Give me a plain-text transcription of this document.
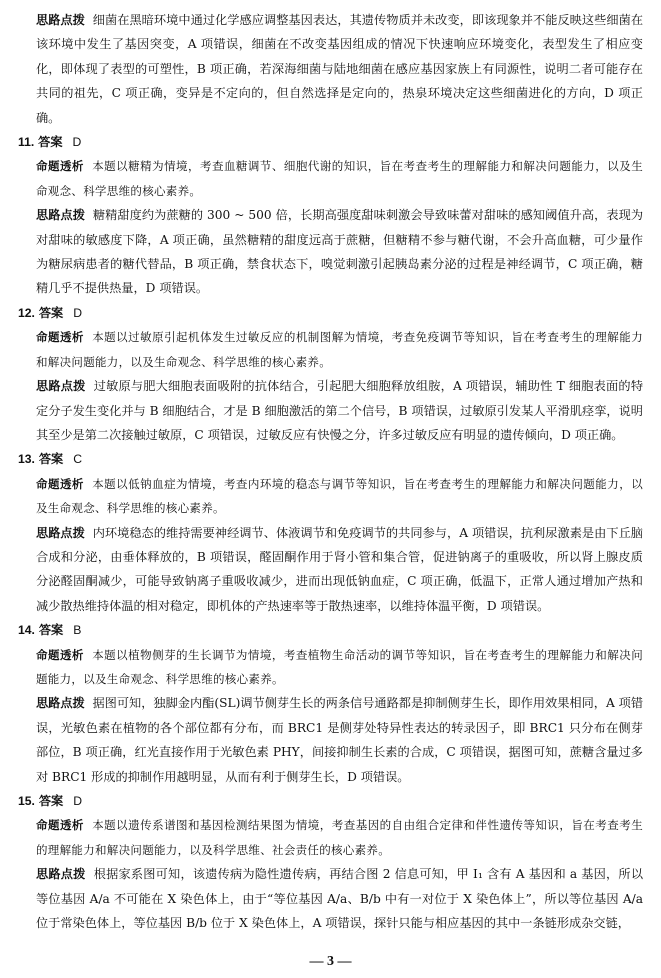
思路点拨 细菌在黑暗环境中通过化学感应调整基因表达，其遗传物质并未改变，即该现象并不能反映这些细菌在该环境中发生了基因突变，A 项错误，细菌在不改变基因组成的情况下快速响应环境变化，表型发生了相应变化，即体现了表型的可塑性，B 项正确，若深海细菌与陆地细菌在感应基因家族上有同源性，说明二者可能存在共同的祖先，C 项正确，变异是不定向的，但自然选择是定向的，热泉环境决定这些细菌进化的方向，D 项正确。

11. 答案 D

命题透析 本题以糖精为情境，考查血糖调节、细胞代谢的知识，旨在考查考生的理解能力和解决问题能力，以及生命观念、科学思维的核心素养。

思路点拨 糖精甜度约为蔗糖的 300 ~ 500 倍，长期高强度甜味刺激会导致味蕾对甜味的感知阈值升高，表现为对甜味的敏感度下降，A 项正确，虽然糖精的甜度远高于蔗糖，但糖精不参与糖代谢，不会升高血糖，可少量作为糖尿病患者的糖代替品，B 项正确，禁食状态下，嗅觉刺激引起胰岛素分泌的过程是神经调节，C 项正确，糖精几乎不提供热量，D 项错误。

12. 答案 D

命题透析 本题以过敏原引起机体发生过敏反应的机制图解为情境，考查免疫调节等知识，旨在考查考生的理解能力和解决问题能力，以及生命观念、科学思维的核心素养。

思路点拨 过敏原与肥大细胞表面吸附的抗体结合，引起肥大细胞释放组胺，A 项错误，辅助性 T 细胞表面的特定分子发生变化并与 B 细胞结合，才是 B 细胞激活的第二个信号，B 项错误，过敏原引发某人平滑肌痉挛，说明其至少是第二次接触过敏原，C 项错误，过敏反应有快慢之分，许多过敏反应有明显的遗传倾向，D 项正确。

13. 答案 C

命题透析 本题以低钠血症为情境，考查内环境的稳态与调节等知识，旨在考查考生的理解能力和解决问题能力，以及生命观念、科学思维的核心素养。

思路点拨 内环境稳态的维持需要神经调节、体液调节和免疫调节的共同参与，A 项错误，抗利尿激素是由下丘脑合成和分泌，由垂体释放的，B 项错误，醛固酮作用于肾小管和集合管，促进钠离子的重吸收，所以肾上腺皮质分泌醛固酮减少，可能导致钠离子重吸收减少，进而出现低钠血症，C 项正确，低温下，正常人通过增加产热和减少散热维持体温的相对稳定，即机体的产热速率等于散热速率，以维持体温平衡，D 项错误。

14. 答案 B

命题透析 本题以植物侧芽的生长调节为情境，考查植物生命活动的调节等知识，旨在考查考生的理解能力和解决问题能力，以及生命观念、科学思维的核心素养。

思路点拨 据图可知，独脚金内酯(SL)调节侧芽生长的两条信号通路都是抑制侧芽生长，即作用效果相同，A 项错误，光敏色素在植物的各个部位都有分布，而 BRC1 是侧芽处特异性表达的转录因子，即 BRC1 只分布在侧芽部位，B 项正确，红光直接作用于光敏色素 PHY，间接抑制生长素的合成，C 项错误，据图可知，蔗糖含量过多对 BRC1 形成的抑制作用越明显，从而有利于侧芽生长，D 项错误。

15. 答案 D

命题透析 本题以遗传系谱图和基因检测结果图为情境，考查基因的自由组合定律和伴性遗传等知识，旨在考查考生的理解能力和解决问题能力，以及科学思维、社会责任的核心素养。

思路点拨 根据家系图可知，该遗传病为隐性遗传病，再结合图 2 信息可知，甲 Ⅰ₁ 含有 A 基因和 a 基因，所以等位基因 A/a 不可能在 X 染色体上，由于“等位基因 A/a、B/b 中有一对位于 X 染色体上”，所以等位基因 A/a 位于常染色体上，等位基因 B/b 位于 X 染色体上，A 项错误，探针只能与相应基因的其中一条链形成杂交链，

— 3 —
